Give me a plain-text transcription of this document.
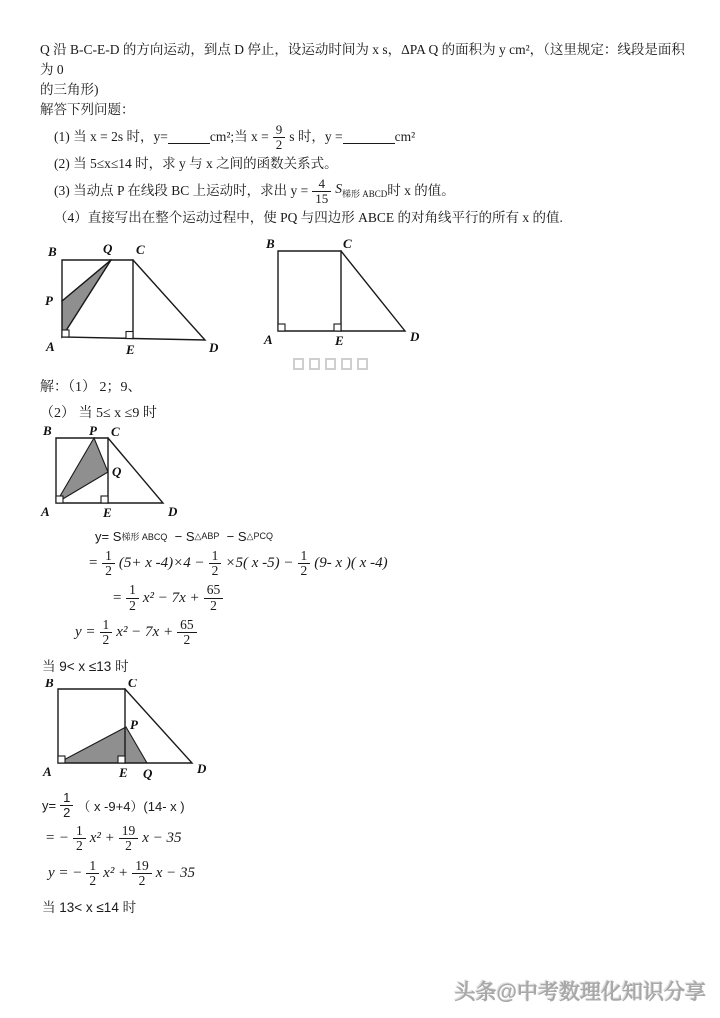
Q 沿 B-C-E-D 的方向运动，到点 D 停止，设运动时间为 x s，ΔPA Q 的面积为 y cm²，（这里规定：线段是面积为 0
的三角形)
解答下列问题：
(1) 当 x = 2s 时，y=	cm²;当 $x = \frac{9}{2}$ s 时，y =	cm²
(2) 当 5≤x≤14 时，求 y 与 x 之间的函数关系式。
(3) 当动点 P 在线段 BC 上运动时，求出 $y = \frac{4}{15} S_{梯形 ABCD}$ 时 x 的值。
（4）直接写出在整个运动过程中，使 PQ 与四边形 ABCE 的对角线平行的所有 x 的值.
B	Q C
P
A	E	D
B	C
A	E	D
解：（1） 2；9、
（2） 当 5≤ x ≤9 时
B	P C
Q
A	E	D
y= S 梯形 ABCQ − S △ABP − S △PCQ
= $\frac{1}{2} (5+ x$ $-4)\times 4 - \frac{1}{2} \times 5$( x $-5) - \frac{1}{2} (9-$ x )( x -4)
= $\frac{1}{2} x^2 - 7x + \frac{65}{2}$
$y = \frac{1}{2} x^2 - 7x + \frac{65}{2}$
当 9< x ≤13 时
B	C
P
A	E Q	D
$y= \frac{1}{2}$ （ x -9+4）(14- x )
= − $\frac{1}{2} x^2 + \frac{19}{2}$ x − 35
y = − $\frac{1}{2} x^2 + \frac{19}{2}$ x − 35
当 13< x ≤14 时
头条@中考数理化知识分享
